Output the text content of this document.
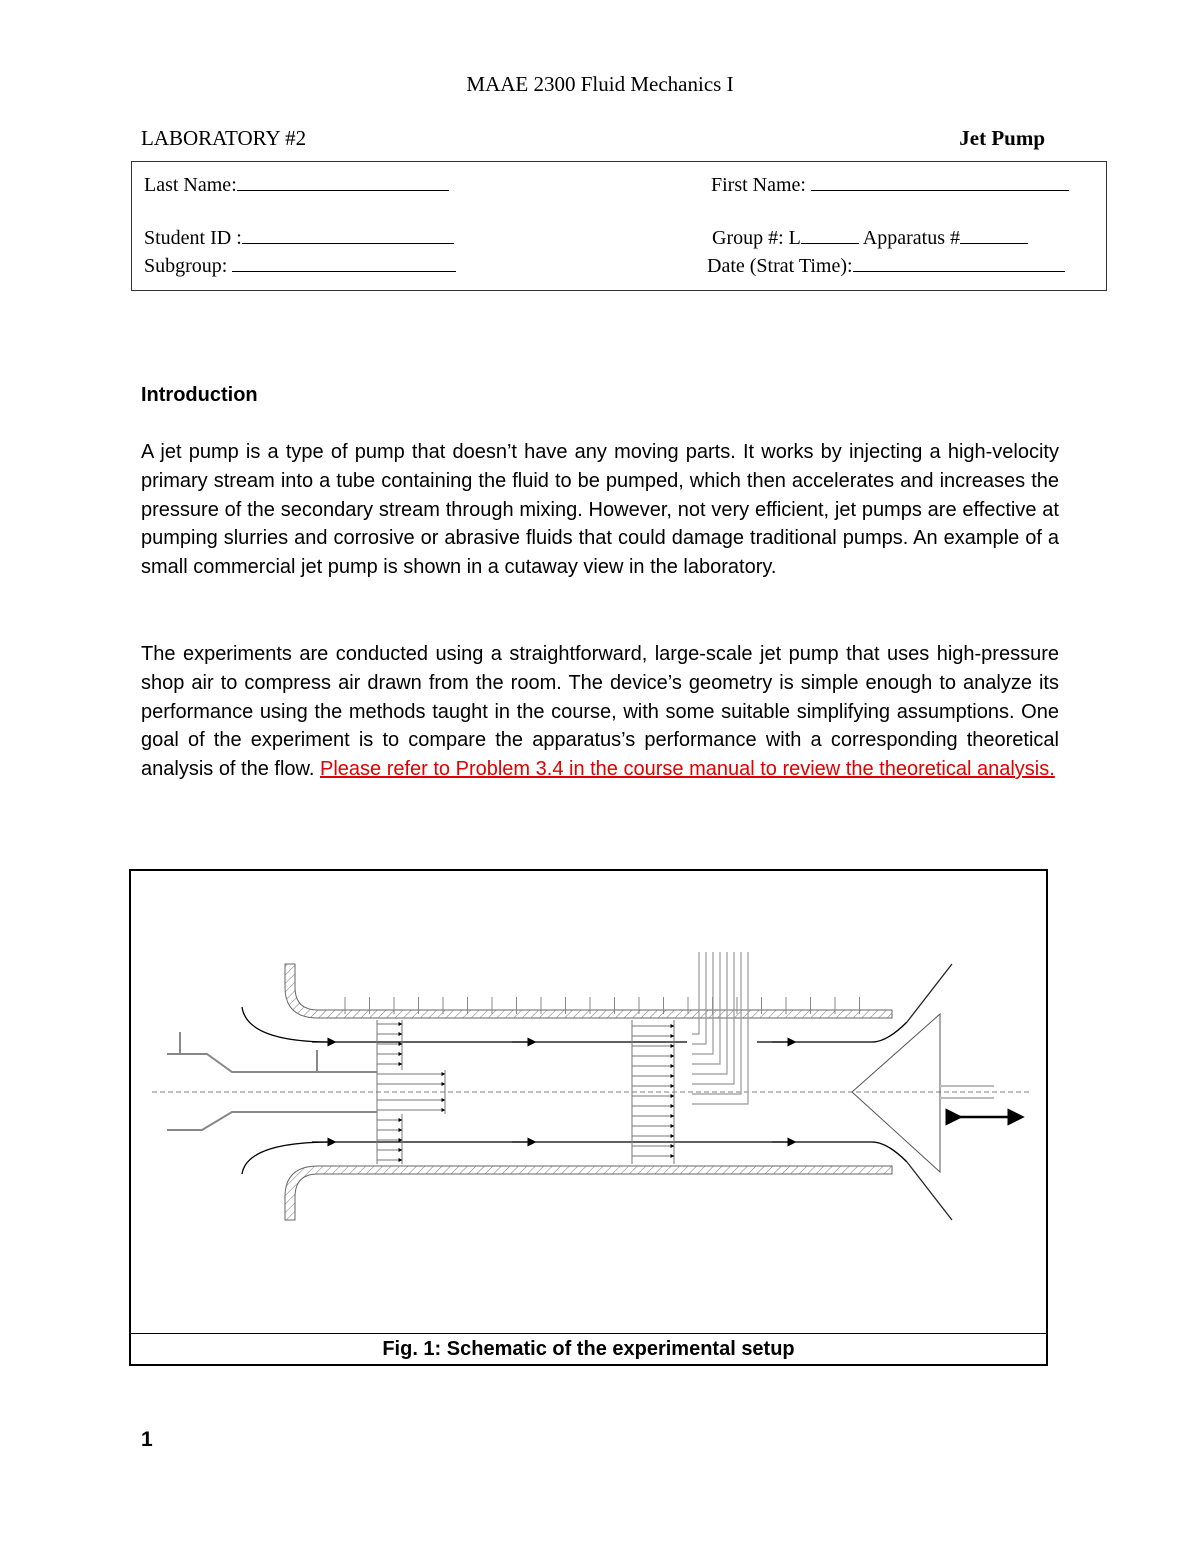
MAAE 2300 Fluid Mechanics I
LABORATORY #2	Jet Pump
Last Name:	First Name:
Student ID :	Group #: L	Apparatus #
Subgroup:	Date (Strat Time):
Introduction
A jet pump is a type of pump that doesn’t have any moving parts. It works by injecting a high-velocity primary stream into a tube containing the fluid to be pumped, which then accelerates and increases the pressure of the secondary stream through mixing. However, not very efficient, jet pumps are effective at pumping slurries and corrosive or abrasive fluids that could damage traditional pumps. An example of a small commercial jet pump is shown in a cutaway view in the laboratory.
The experiments are conducted using a straightforward, large-scale jet pump that uses high-pressure shop air to compress air drawn from the room. The device’s geometry is simple enough to analyze its performance using the methods taught in the course, with some suitable simplifying assumptions. One goal of the experiment is to compare the apparatus’s performance with a corresponding theoretical analysis of the flow. Please refer to Problem 3.4 in the course manual to review the theoretical analysis.
Fig. 1: Schematic of the experimental setup
1
